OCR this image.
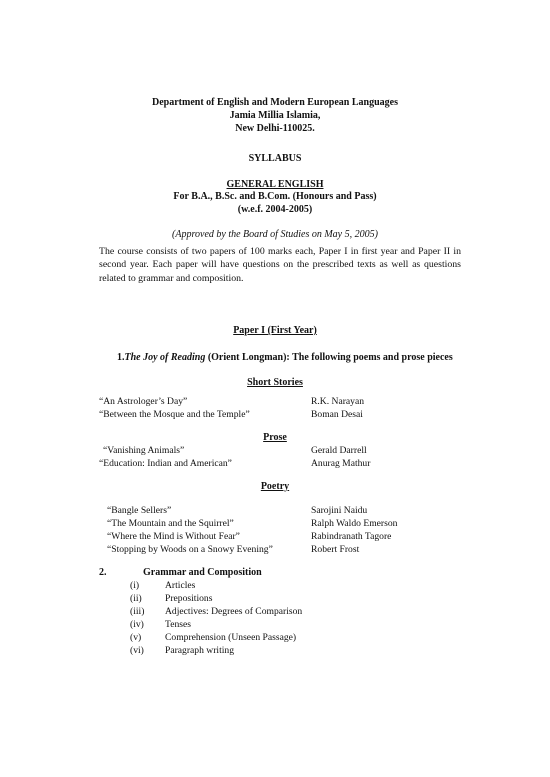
Department of English and Modern European Languages
Jamia Millia Islamia,
New Delhi-110025.
SYLLABUS
GENERAL ENGLISH
For B.A., B.Sc. and B.Com. (Honours and Pass)
(w.e.f. 2004-2005)
(Approved by the Board of Studies on May 5, 2005)
The course consists of two papers of 100 marks each, Paper I in first year and Paper II in second year. Each paper will have questions on the prescribed texts as well as questions related to grammar and composition.
Paper I (First Year)
1.The Joy of Reading (Orient Longman): The following poems and prose pieces
Short Stories
“An Astrologer’s Day”	R.K. Narayan
“Between the Mosque and the Temple”	Boman Desai
Prose
“Vanishing Animals”	Gerald Darrell
“Education: Indian and American”	Anurag Mathur
Poetry
“Bangle Sellers”	Sarojini Naidu
“The Mountain and the Squirrel”	Ralph Waldo Emerson
“Where the Mind is Without Fear”	Rabindranath Tagore
“Stopping by Woods on a Snowy Evening”	Robert Frost
2.	Grammar and Composition
(i)	Articles
(ii) Prepositions
(iii) Adjectives: Degrees of Comparison
(iv) Tenses
(v) Comprehension (Unseen Passage)
(vi) Paragraph writing
